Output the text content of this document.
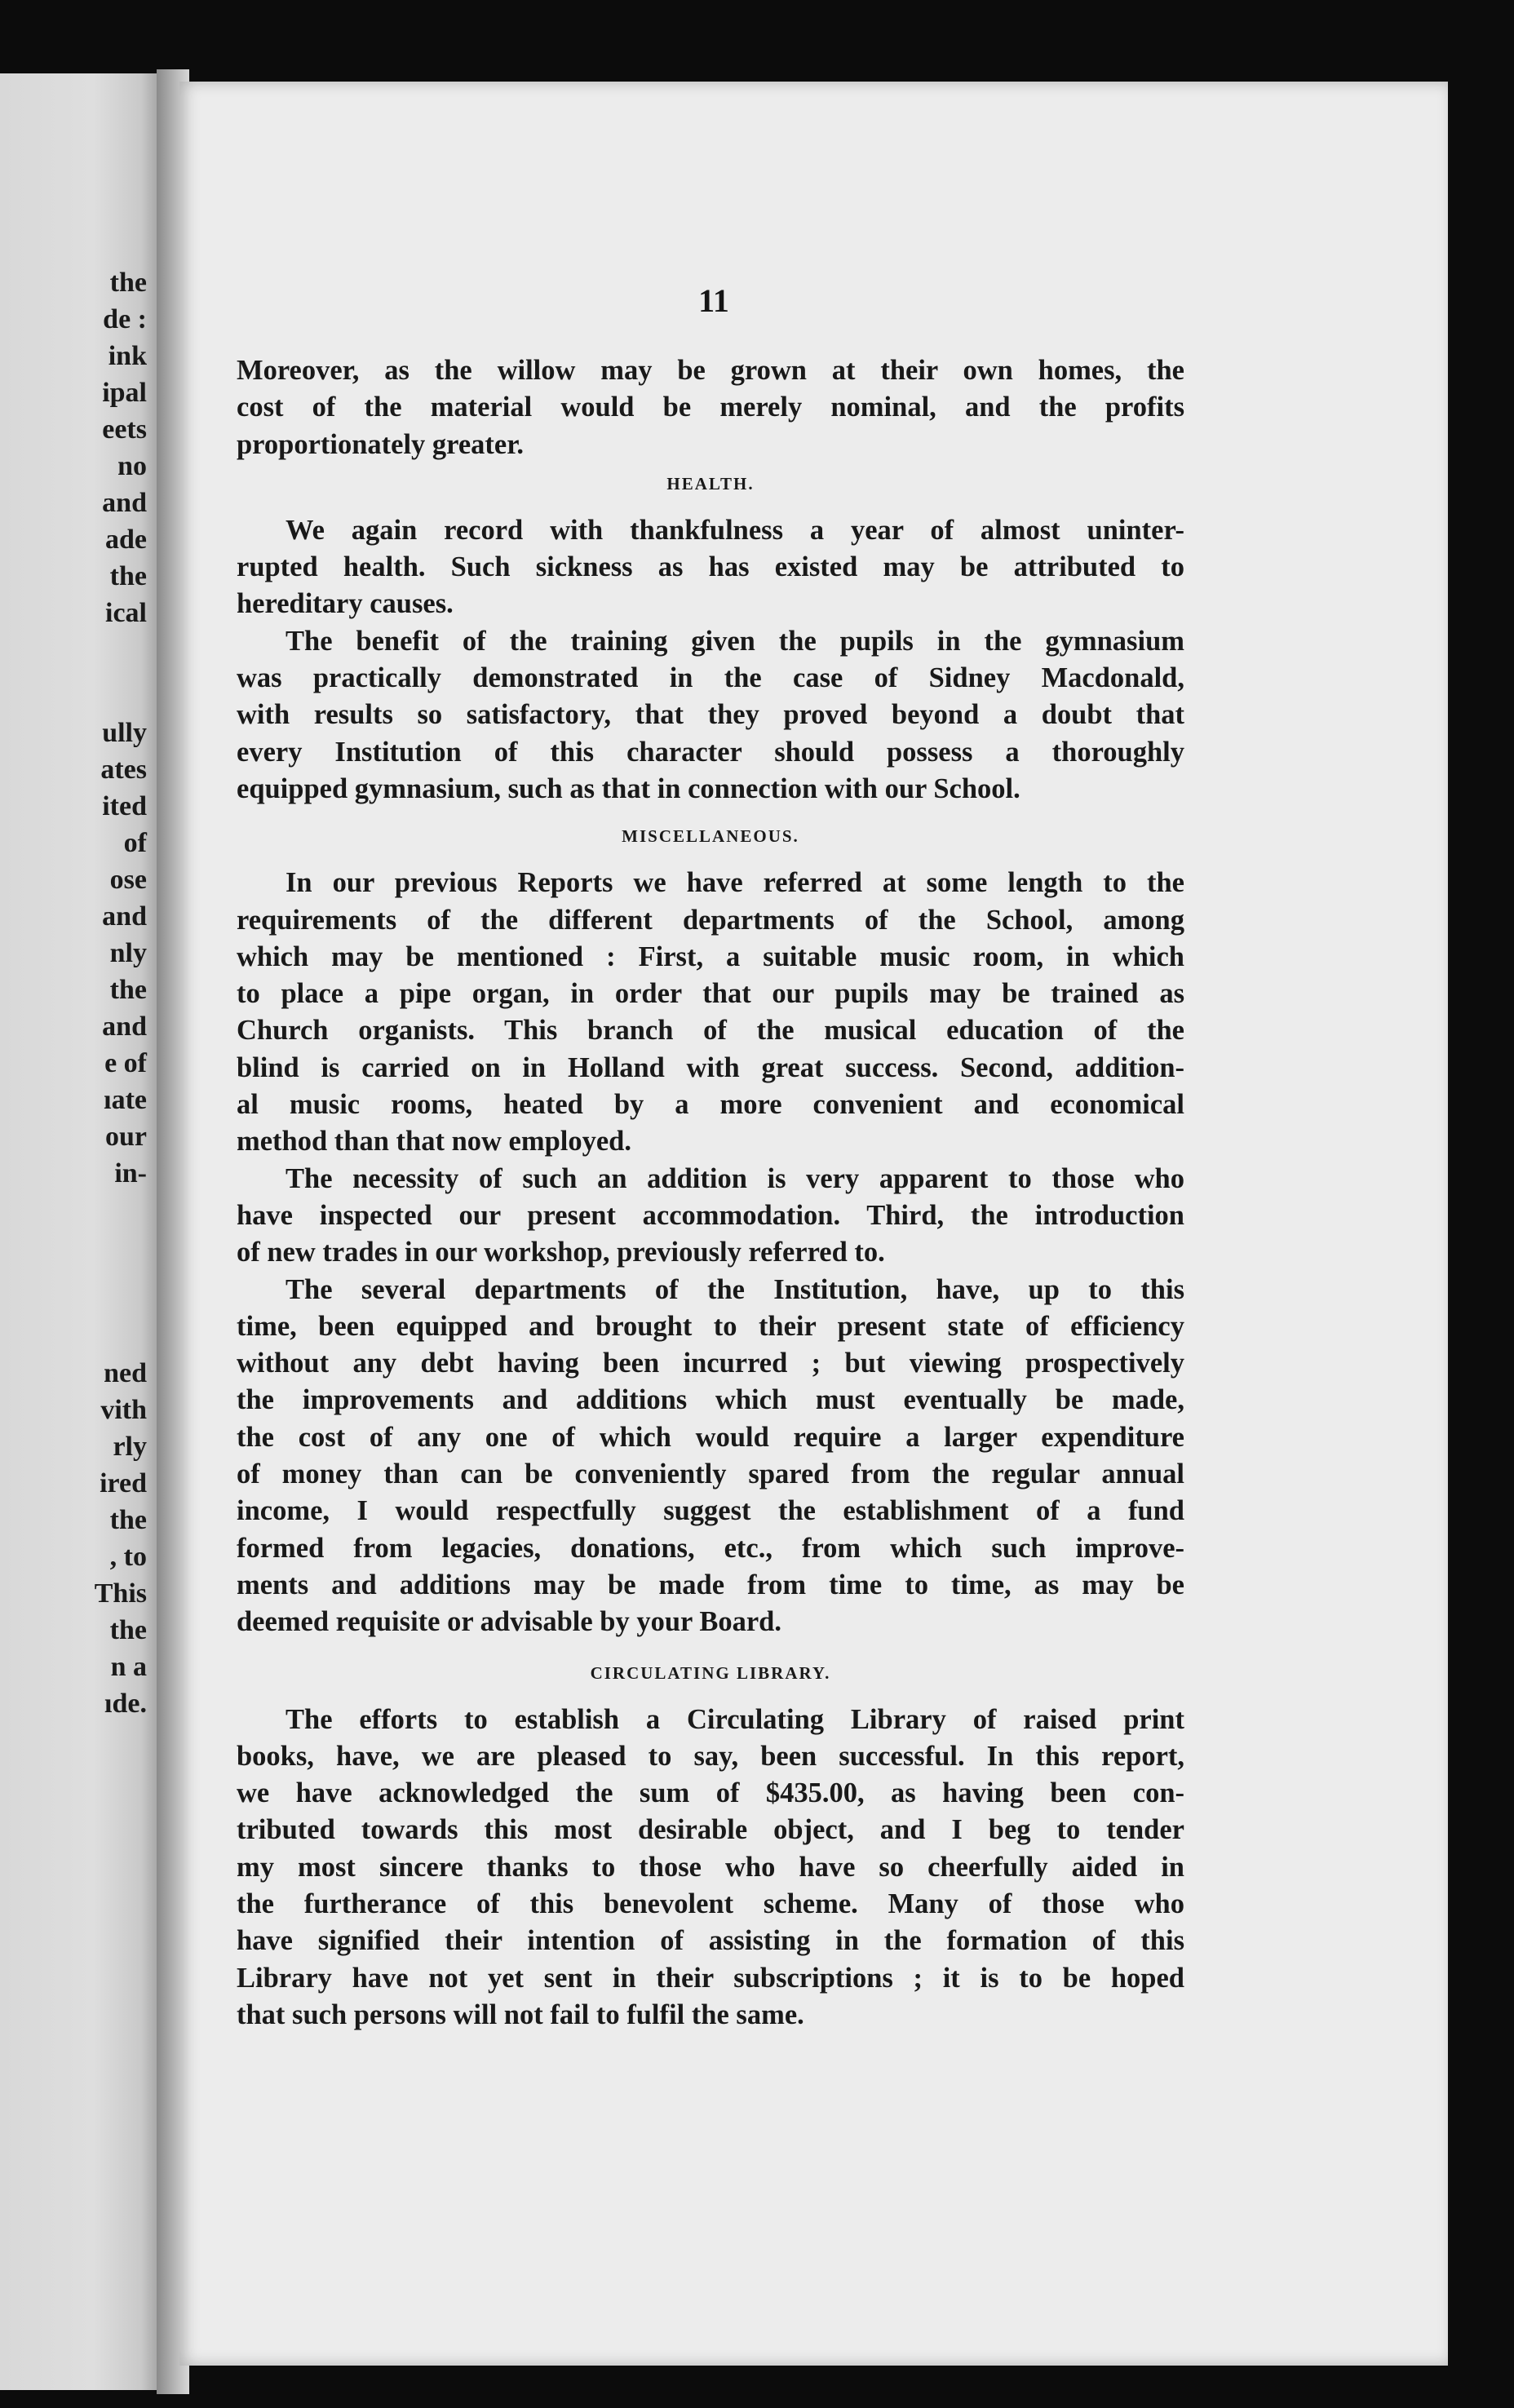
the
de :
ink
ipal
eets
no
and
ade
the
ical
ully
ates
ited
of
ose
and
nly
the
and
e of
ıate
our
in-
ned
vith
rly
ired
the
, to
This
the
n a
ıde.
11
Moreover, as the willow may be grown at their own homes, the
cost of the material would be merely nominal, and the profits
proportionately greater.
HEALTH.
We again record with thankfulness a year of almost uninter-
rupted health. Such sickness as has existed may be attributed to
hereditary causes.
The benefit of the training given the pupils in the gymnasium
was practically demonstrated in the case of Sidney Macdonald,
with results so satisfactory, that they proved beyond a doubt that
every Institution of this character should possess a thoroughly
equipped gymnasium, such as that in connection with our School.
MISCELLANEOUS.
In our previous Reports we have referred at some length to the
requirements of the different departments of the School, among
which may be mentioned : First, a suitable music room, in which
to place a pipe organ, in order that our pupils may be trained as
Church organists. This branch of the musical education of the
blind is carried on in Holland with great success. Second, addition-
al music rooms, heated by a more convenient and economical
method than that now employed.
The necessity of such an addition is very apparent to those who
have inspected our present accommodation. Third, the introduction
of new trades in our workshop, previously referred to.
The several departments of the Institution, have, up to this
time, been equipped and brought to their present state of efficiency
without any debt having been incurred ; but viewing prospectively
the improvements and additions which must eventually be made,
the cost of any one of which would require a larger expenditure
of money than can be conveniently spared from the regular annual
income, I would respectfully suggest the establishment of a fund
formed from legacies, donations, etc., from which such improve-
ments and additions may be made from time to time, as may be
deemed requisite or advisable by your Board.
CIRCULATING LIBRARY.
The efforts to establish a Circulating Library of raised print
books, have, we are pleased to say, been successful. In this report,
we have acknowledged the sum of $435.00, as having been con-
tributed towards this most desirable object, and I beg to tender
my most sincere thanks to those who have so cheerfully aided in
the furtherance of this benevolent scheme. Many of those who
have signified their intention of assisting in the formation of this
Library have not yet sent in their subscriptions ; it is to be hoped
that such persons will not fail to fulfil the same.
